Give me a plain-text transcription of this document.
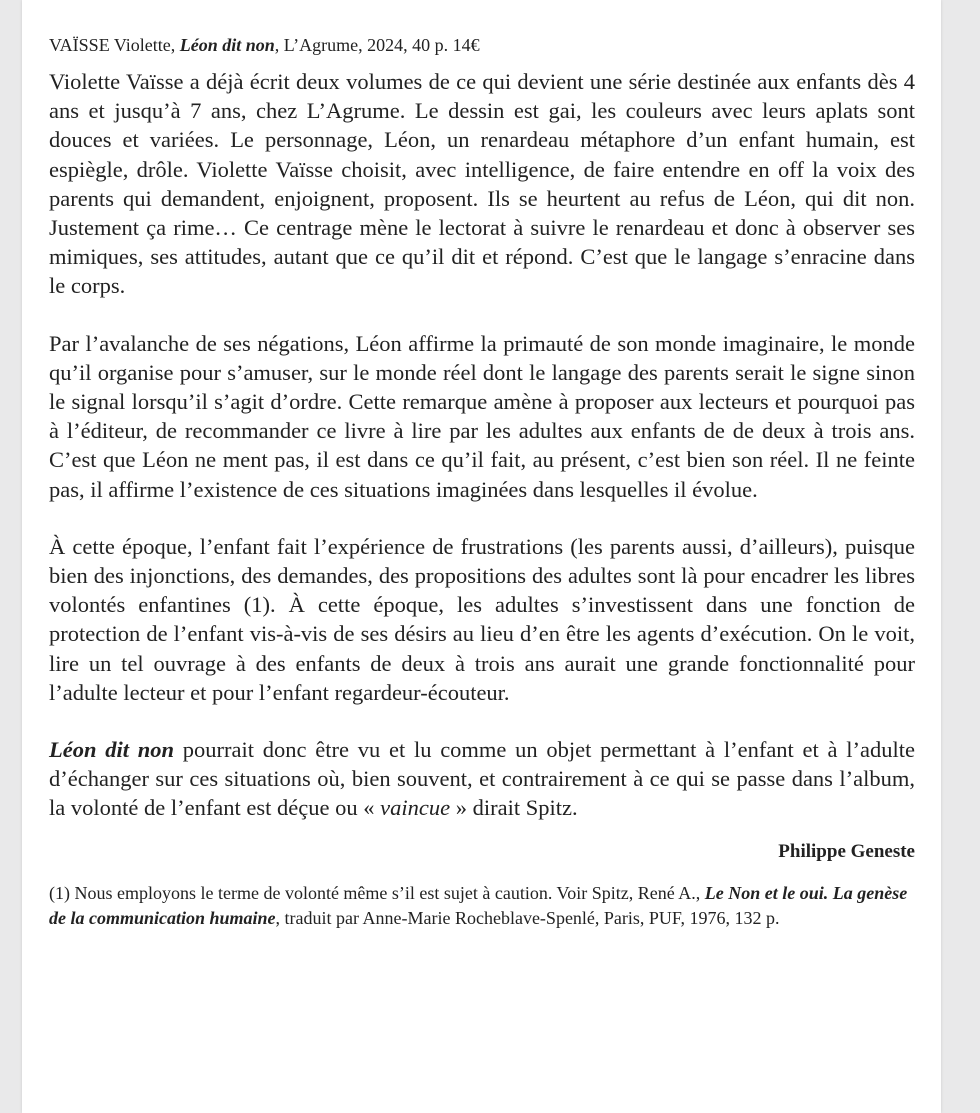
VAÏSSE Violette, Léon dit non, L’Agrume, 2024, 40 p. 14€

Violette Vaïsse a déjà écrit deux volumes de ce qui devient une série destinée aux enfants dès 4 ans et jusqu’à 7 ans, chez L’Agrume. Le dessin est gai, les couleurs avec leurs aplats sont douces et variées. Le personnage, Léon, un renardeau métaphore d’un enfant humain, est espiègle, drôle. Violette Vaïsse choisit, avec intelligence, de faire entendre en off la voix des parents qui demandent, enjoignent, proposent. Ils se heurtent au refus de Léon, qui dit non. Justement ça rime… Ce centrage mène le lectorat à suivre le renardeau et donc à observer ses mimiques, ses attitudes, autant que ce qu’il dit et répond. C’est que le langage s’enracine dans le corps.

Par l’avalanche de ses négations, Léon affirme la primauté de son monde imaginaire, le monde qu’il organise pour s’amuser, sur le monde réel dont le langage des parents serait le signe sinon le signal lorsqu’il s’agit d’ordre. Cette remarque amène à proposer aux lecteurs et pourquoi pas à l’éditeur, de recommander ce livre à lire par les adultes aux enfants de de deux à trois ans. C’est que Léon ne ment pas, il est dans ce qu’il fait, au présent, c’est bien son réel. Il ne feinte pas, il affirme l’existence de ces situations imaginées dans lesquelles il évolue.

À cette époque, l’enfant fait l’expérience de frustrations (les parents aussi, d’ailleurs), puisque bien des injonctions, des demandes, des propositions des adultes sont là pour encadrer les libres volontés enfantines (1). À cette époque, les adultes s’investissent dans une fonction de protection de l’enfant vis-à-vis de ses désirs au lieu d’en être les agents d’exécution. On le voit, lire un tel ouvrage à des enfants de deux à trois ans aurait une grande fonctionnalité pour l’adulte lecteur et pour l’enfant regardeur-écouteur.

Léon dit non pourrait donc être vu et lu comme un objet permettant à l’enfant et à l’adulte d’échanger sur ces situations où, bien souvent, et contrairement à ce qui se passe dans l’album, la volonté de l’enfant est déçue ou « vaincue » dirait Spitz.

Philippe Geneste

(1) Nous employons le terme de volonté même s’il est sujet à caution. Voir Spitz, René A., Le Non et le oui. La genèse de la communication humaine, traduit par Anne-Marie Rocheblave-Spenlé, Paris, PUF, 1976, 132 p.
